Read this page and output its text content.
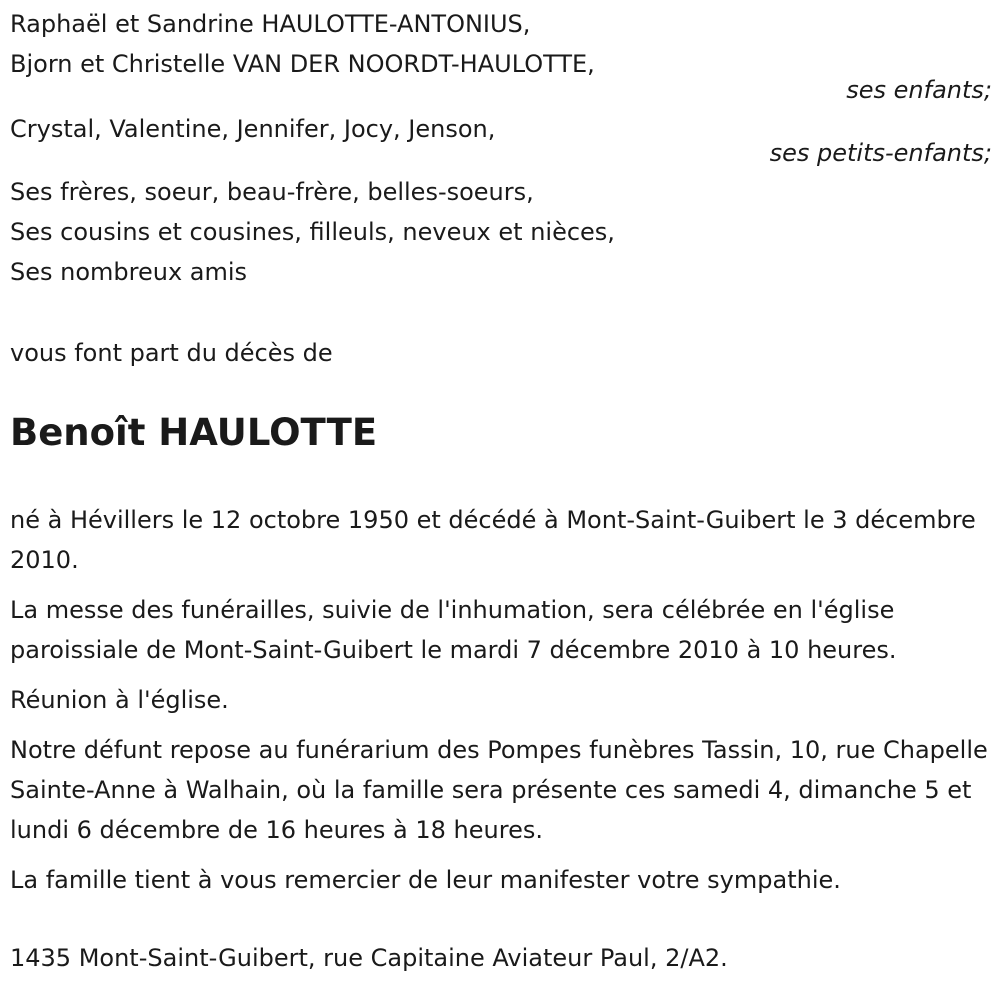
Raphaël et Sandrine HAULOTTE-ANTONIUS,
Bjorn et Christelle VAN DER NOORDT-HAULOTTE,
ses enfants;
Crystal, Valentine, Jennifer, Jocy, Jenson,
ses petits-enfants;
Ses frères, soeur, beau-frère, belles-soeurs,
Ses cousins et cousines, filleuls, neveux et nièces,
Ses nombreux amis
vous font part du décès de
Benoît HAULOTTE

né à Hévillers le 12 octobre 1950 et décédé à Mont-Saint-Guibert le 3 décembre 2010.

La messe des funérailles, suivie de l'inhumation, sera célébrée en l'église paroissiale de Mont-Saint-Guibert le mardi 7 décembre 2010 à 10 heures.

Réunion à l'église.

Notre défunt repose au funérarium des Pompes funèbres Tassin, 10, rue Chapelle Sainte-Anne à Walhain, où la famille sera présente ces samedi 4, dimanche 5 et lundi 6 décembre de 16 heures à 18 heures.

La famille tient à vous remercier de leur manifester votre sympathie.

1435 Mont-Saint-Guibert, rue Capitaine Aviateur Paul, 2/A2.
